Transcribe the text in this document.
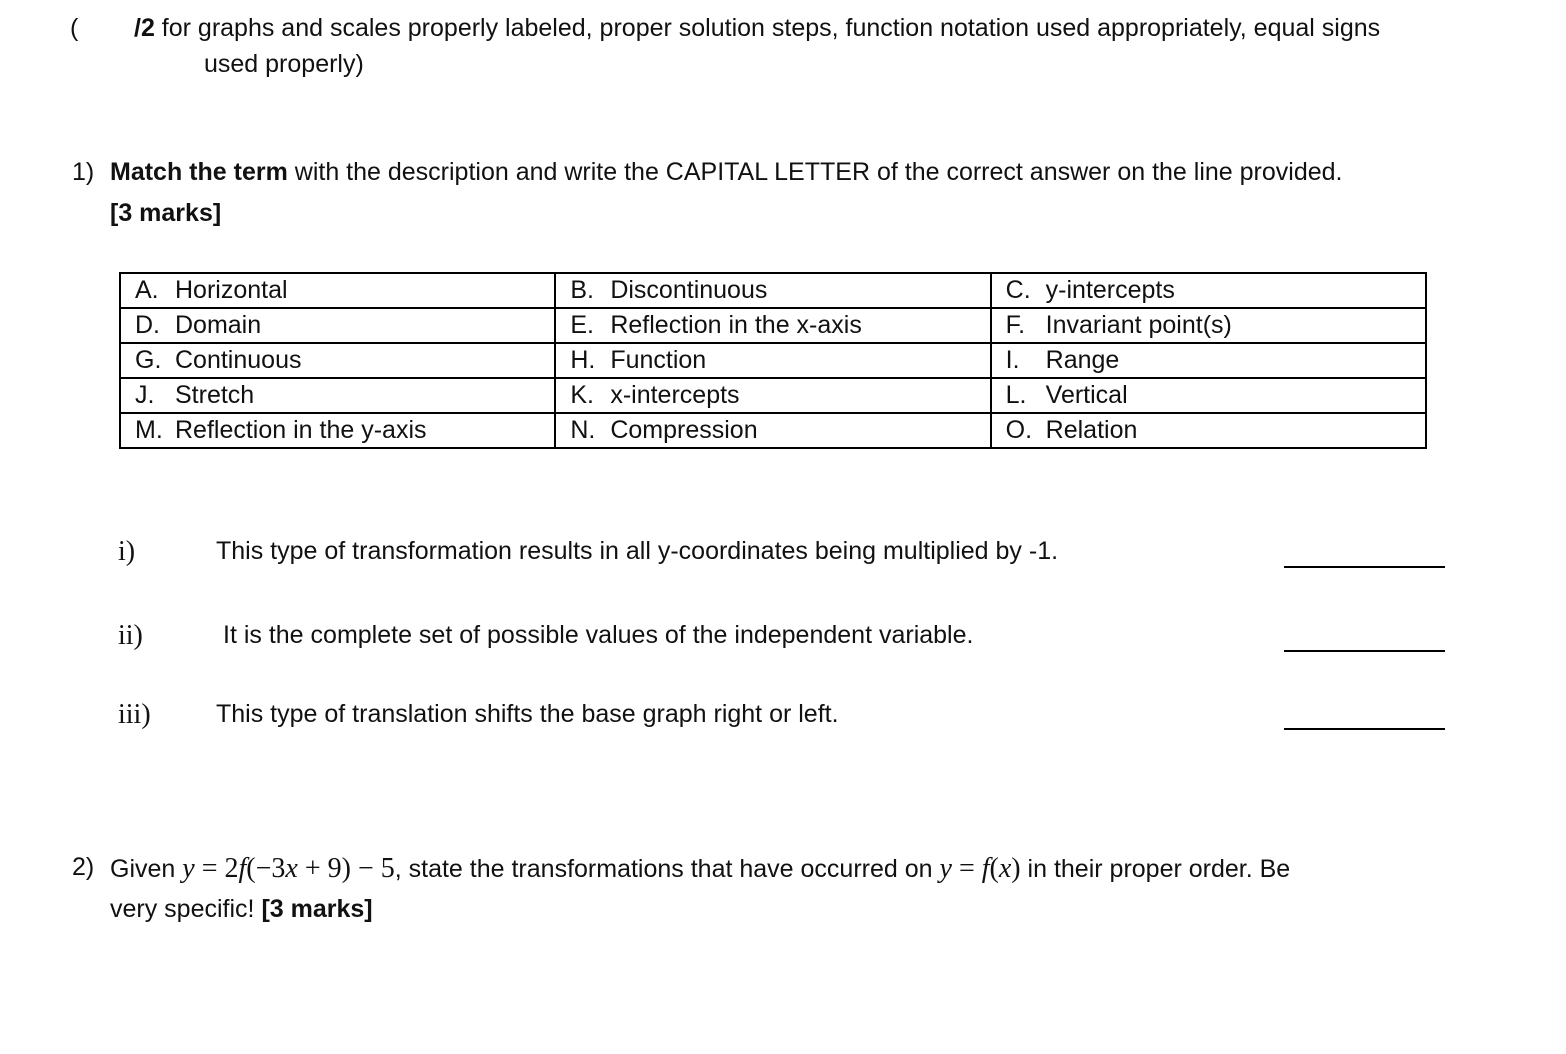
( /2 for graphs and scales properly labeled, proper solution steps, function notation used appropriately, equal signs
used properly)
1) Match the term with the description and write the CAPITAL LETTER of the correct answer on the line provided.
[3 marks]
A. Horizontal	B. Discontinuous	C. y-intercepts
D. Domain	E. Reflection in the x-axis	F. Invariant point(s)
G. Continuous	H. Function	I. Range
J. Stretch	K. x-intercepts	L. Vertical
M. Reflection in the y-axis	N. Compression	O. Relation
i)	This type of transformation results in all y-coordinates being multiplied by -1.
ii)	It is the complete set of possible values of the independent variable.
iii)	This type of translation shifts the base graph right or left.
2) Given y = 2f(−3x + 9) − 5, state the transformations that have occurred on y = f(x) in their proper order. Be
very specific! [3 marks]
